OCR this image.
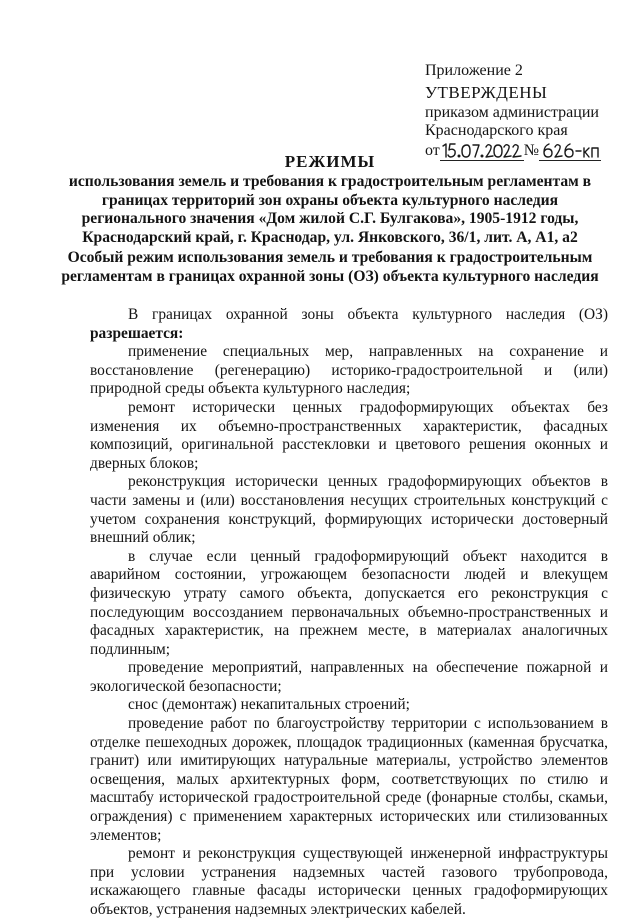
Приложение 2
УТВЕРЖДЕНЫ
приказом администрации
Краснодарского края
от	№
РЕЖИМЫ
использования земель и требования к градостроительным регламентам в границах территорий зон охраны объекта культурного наследия регионального значения «Дом жилой С.Г. Булгакова», 1905-1912 годы, Краснодарский край, г. Краснодар, ул. Янковского, 36/1, лит. А, А1, а2
Особый режим использования земель и требования к градостроительным регламентам в границах охранной зоны (ОЗ) объекта культурного наследия

В границах охранной зоны объекта культурного наследия (ОЗ) разрешается:

применение специальных мер, направленных на сохранение и восстановление (регенерацию) историко-градостроительной и (или) природной среды объекта культурного наследия;

ремонт исторически ценных градоформирующих объектах без изменения их объемно-пространственных характеристик, фасадных композиций, оригинальной расстекловки и цветового решения оконных и дверных блоков;

реконструкция исторически ценных градоформирующих объектов в части замены и (или) восстановления несущих строительных конструкций с учетом сохранения конструкций, формирующих исторически достоверный внешний облик;

в случае если ценный градоформирующий объект находится в аварийном состоянии, угрожающем безопасности людей и влекущем физическую утрату самого объекта, допускается его реконструкция с последующим воссозданием первоначальных объемно-пространственных и фасадных характеристик, на прежнем месте, в материалах аналогичных подлинным;

проведение мероприятий, направленных на обеспечение пожарной и экологической безопасности;

снос (демонтаж) некапитальных строений;

проведение работ по благоустройству территории с использованием в отделке пешеходных дорожек, площадок традиционных (каменная брусчатка, гранит) или имитирующих натуральные материалы, устройство элементов освещения, малых архитектурных форм, соответствующих по стилю и масштабу исторической градостроительной среде (фонарные столбы, скамьи, ограждения) с применением характерных исторических или стилизованных элементов;

ремонт и реконструкция существующей инженерной инфраструктуры при условии устранения надземных частей газового трубопровода, искажающего главные фасады исторически ценных градоформирующих объектов, устранения надземных электрических кабелей.
